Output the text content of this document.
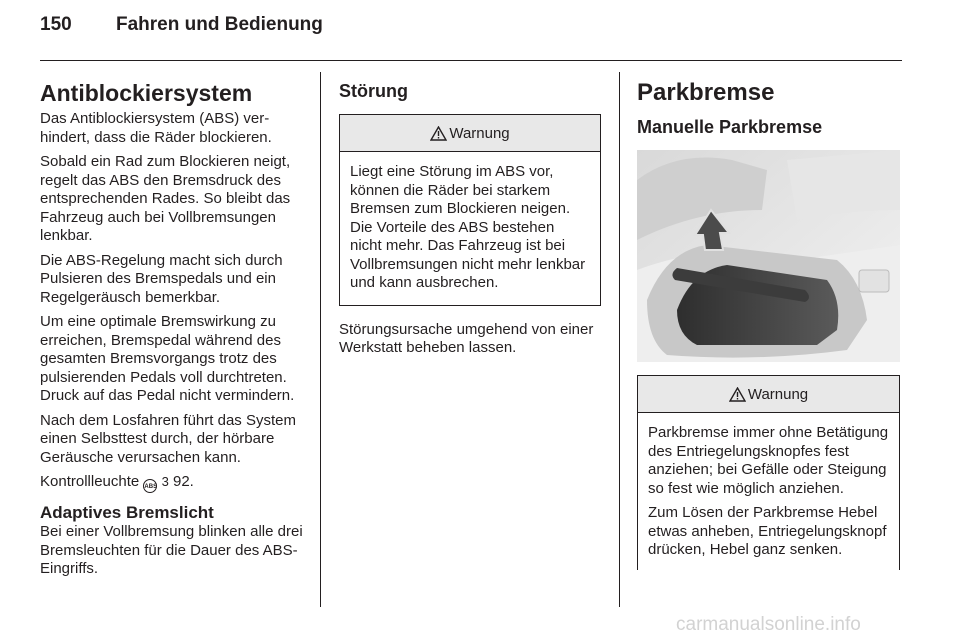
150 Fahren und Bedienung
Antiblockiersystem

Das Antiblockiersystem (ABS) verhindert, dass die Räder blockieren.

Sobald ein Rad zum Blockieren neigt, regelt das ABS den Bremsdruck des entsprechenden Rades. So bleibt das Fahrzeug auch bei Vollbremsungen lenkbar.

Die ABS-Regelung macht sich durch Pulsieren des Bremspedals und ein Regelgeräusch bemerkbar.

Um eine optimale Bremswirkung zu erreichen, Bremspedal während des gesamten Bremsvorgangs trotz des pulsierenden Pedals voll durchtreten. Druck auf das Pedal nicht vermindern.

Nach dem Losfahren führt das System einen Selbsttest durch, der hörbare Geräusche verursachen kann.

Kontrollleuchte ABS 3 92.

Adaptives Bremslicht

Bei einer Vollbremsung blinken alle drei Bremsleuchten für die Dauer des ABS-Eingriffs.

Störung
Warnung

Liegt eine Störung im ABS vor, können die Räder bei starkem Bremsen zum Blockieren neigen. Die Vorteile des ABS bestehen nicht mehr. Das Fahrzeug ist bei Vollbremsungen nicht mehr lenkbar und kann ausbrechen.

Störungsursache umgehend von einer Werkstatt beheben lassen.

Parkbremse
Manuelle Parkbremse
Warnung

Parkbremse immer ohne Betätigung des Entriegelungsknopfes fest anziehen; bei Gefälle oder Steigung so fest wie möglich anziehen.

Zum Lösen der Parkbremse Hebel etwas anheben, Entriegelungsknopf drücken, Hebel ganz senken.

carmanualsonline.info
